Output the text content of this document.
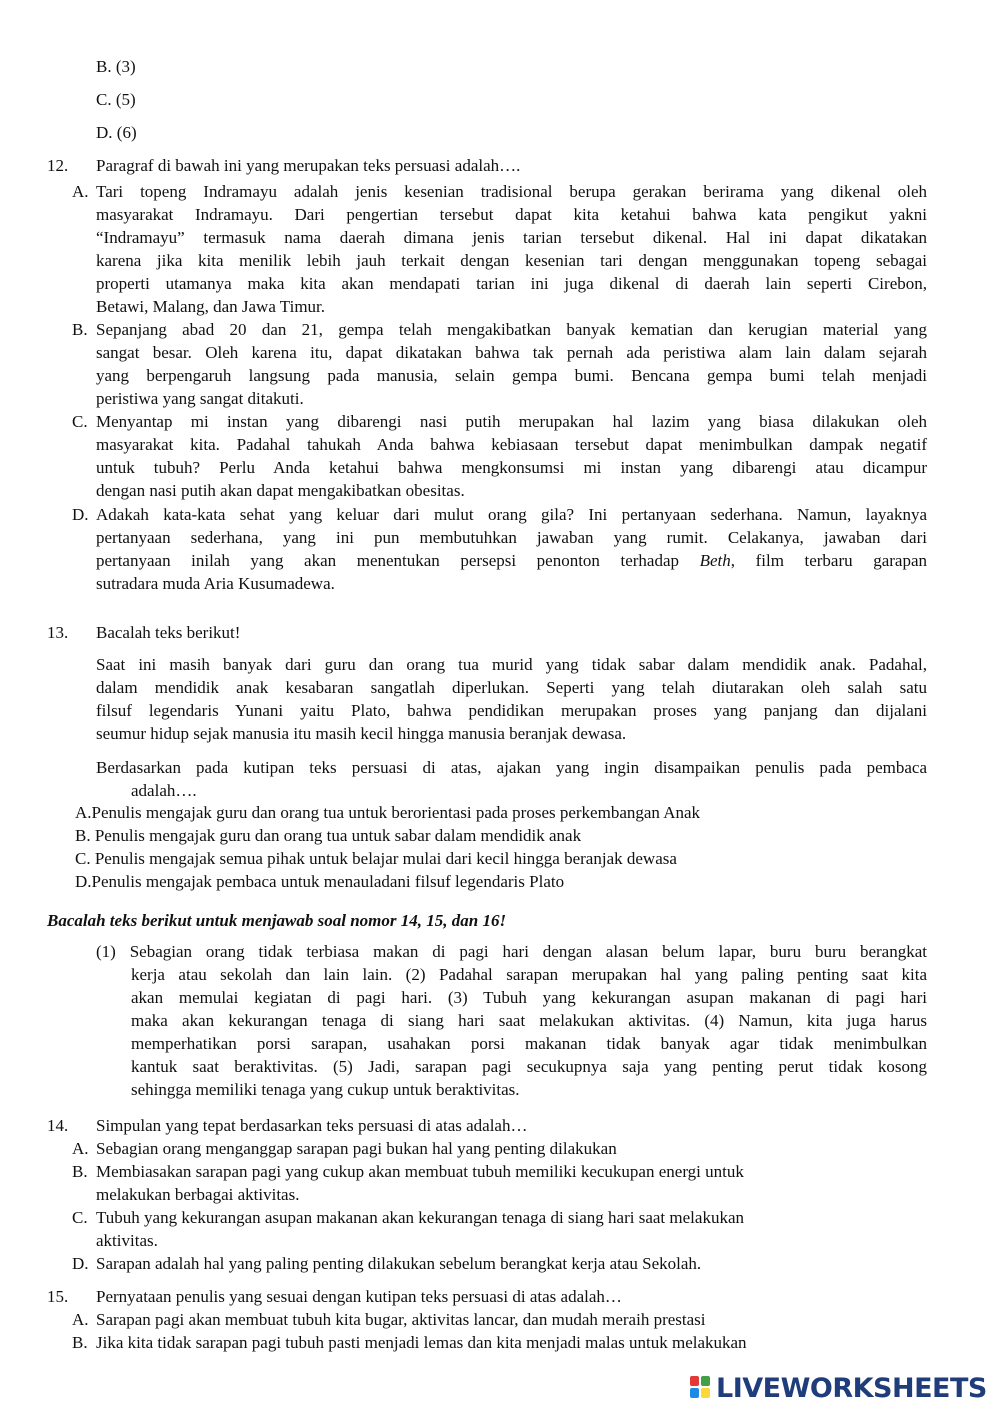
B. (3)
C. (5)
D. (6)
12. Paragraf di bawah ini yang merupakan teks persuasi adalah….
A. Tari topeng Indramayu adalah jenis kesenian tradisional berupa gerakan berirama yang dikenal oleh
masyarakat Indramayu. Dari pengertian tersebut dapat kita ketahui bahwa kata pengikut yakni
“Indramayu” termasuk nama daerah dimana jenis tarian tersebut dikenal. Hal ini dapat dikatakan
karena jika kita menilik lebih jauh terkait dengan kesenian tari dengan menggunakan topeng sebagai
properti utamanya maka kita akan mendapati tarian ini juga dikenal di daerah lain seperti Cirebon,
Betawi, Malang, dan Jawa Timur.
B. Sepanjang abad 20 dan 21, gempa telah mengakibatkan banyak kematian dan kerugian material yang
sangat besar. Oleh karena itu, dapat dikatakan bahwa tak pernah ada peristiwa alam lain dalam sejarah
yang berpengaruh langsung pada manusia, selain gempa bumi. Bencana gempa bumi telah menjadi
peristiwa yang sangat ditakuti.
C. Menyantap mi instan yang dibarengi nasi putih merupakan hal lazim yang biasa dilakukan oleh
masyarakat kita. Padahal tahukah Anda bahwa kebiasaan tersebut dapat menimbulkan dampak negatif
untuk tubuh? Perlu Anda ketahui bahwa mengkonsumsi mi instan yang dibarengi atau dicampur
dengan nasi putih akan dapat mengakibatkan obesitas.
D. Adakah kata-kata sehat yang keluar dari mulut orang gila? Ini pertanyaan sederhana. Namun, layaknya
pertanyaan sederhana, yang ini pun membutuhkan jawaban yang rumit. Celakanya, jawaban dari
pertanyaan inilah yang akan menentukan persepsi penonton terhadap Beth, film terbaru garapan
sutradara muda Aria Kusumadewa.
13. Bacalah teks berikut!
Saat ini masih banyak dari guru dan orang tua murid yang tidak sabar dalam mendidik anak. Padahal,
dalam mendidik anak kesabaran sangatlah diperlukan. Seperti yang telah diutarakan oleh salah satu
filsuf legendaris Yunani yaitu Plato, bahwa pendidikan merupakan proses yang panjang dan dijalani
seumur hidup sejak manusia itu masih kecil hingga manusia beranjak dewasa.
Berdasarkan pada kutipan teks persuasi di atas, ajakan yang ingin disampaikan penulis pada pembaca
adalah….
A.Penulis mengajak guru dan orang tua untuk berorientasi pada proses perkembangan Anak
B. Penulis mengajak guru dan orang tua untuk sabar dalam mendidik anak
C. Penulis mengajak semua pihak untuk belajar mulai dari kecil hingga beranjak dewasa
D.Penulis mengajak pembaca untuk menauladani filsuf legendaris Plato
Bacalah teks berikut untuk menjawab soal nomor 14, 15, dan 16!
(1) Sebagian orang tidak terbiasa makan di pagi hari dengan alasan belum lapar, buru buru berangkat
kerja atau sekolah dan lain lain. (2) Padahal sarapan merupakan hal yang paling penting saat kita
akan memulai kegiatan di pagi hari. (3) Tubuh yang kekurangan asupan makanan di pagi hari
maka akan kekurangan tenaga di siang hari saat melakukan aktivitas. (4) Namun, kita juga harus
memperhatikan porsi sarapan, usahakan porsi makanan tidak banyak agar tidak menimbulkan
kantuk saat beraktivitas. (5) Jadi, sarapan pagi secukupnya saja yang penting perut tidak kosong
sehingga memiliki tenaga yang cukup untuk beraktivitas.
14. Simpulan yang tepat berdasarkan teks persuasi di atas adalah…
A. Sebagian orang menganggap sarapan pagi bukan hal yang penting dilakukan
B. Membiasakan sarapan pagi yang cukup akan membuat tubuh memiliki kecukupan energi untuk
melakukan berbagai aktivitas.
C. Tubuh yang kekurangan asupan makanan akan kekurangan tenaga di siang hari saat melakukan
aktivitas.
D. Sarapan adalah hal yang paling penting dilakukan sebelum berangkat kerja atau Sekolah.
15. Pernyataan penulis yang sesuai dengan kutipan teks persuasi di atas adalah…
A. Sarapan pagi akan membuat tubuh kita bugar, aktivitas lancar, dan mudah meraih prestasi
B. Jika kita tidak sarapan pagi tubuh pasti menjadi lemas dan kita menjadi malas untuk melakukan
LIVEWORKSHEETS
